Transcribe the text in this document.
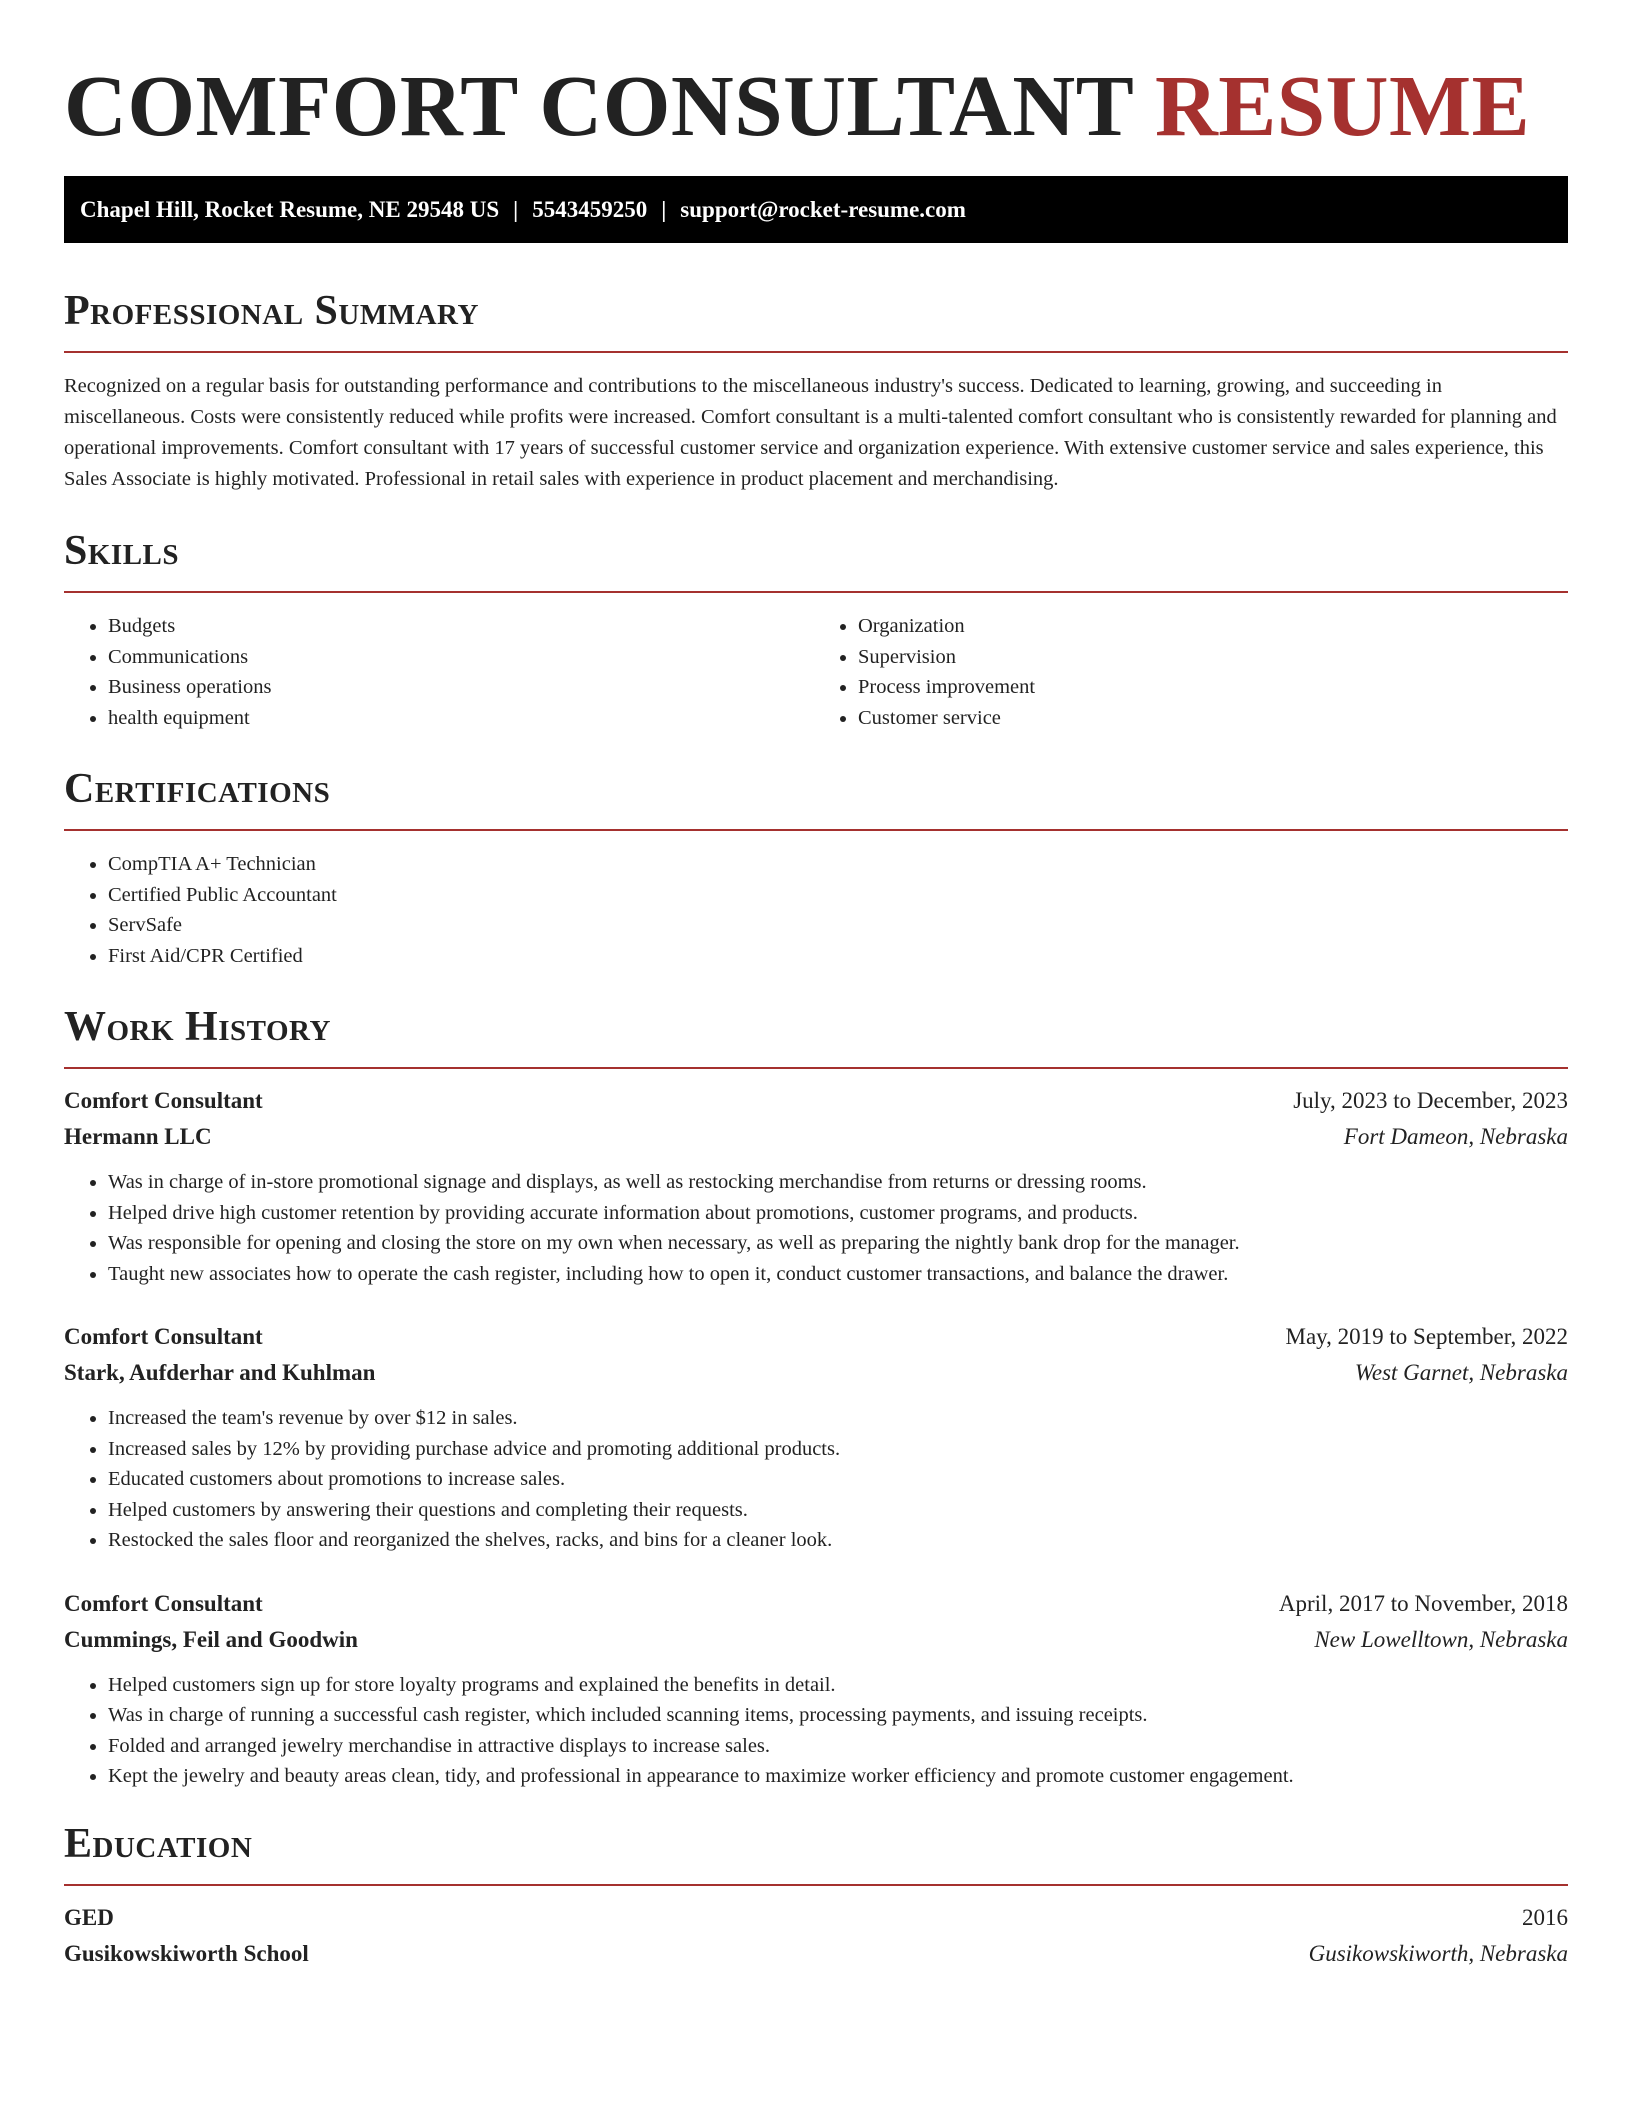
COMFORT CONSULTANT RESUME
Chapel Hill, Rocket Resume, NE 29548 US | 5543459250 | support@rocket-resume.com
Professional Summary

Recognized on a regular basis for outstanding performance and contributions to the miscellaneous industry's success. Dedicated to learning, growing, and succeeding in miscellaneous. Costs were consistently reduced while profits were increased. Comfort consultant is a multi-talented comfort consultant who is consistently rewarded for planning and operational improvements. Comfort consultant with 17 years of successful customer service and organization experience. With extensive customer service and sales experience, this Sales Associate is highly motivated. Professional in retail sales with experience in product placement and merchandising.

Skills
• Budgets
• Communications
• Business operations
• health equipment
• Organization
• Supervision
• Process improvement
• Customer service
Certifications
• CompTIA A+ Technician
• Certified Public Accountant
• ServSafe
• First Aid/CPR Certified
Work History
Comfort Consultant	July, 2023 to December, 2023
Hermann LLC	Fort Dameon, Nebraska
• Was in charge of in-store promotional signage and displays, as well as restocking merchandise from returns or dressing rooms.
• Helped drive high customer retention by providing accurate information about promotions, customer programs, and products.
• Was responsible for opening and closing the store on my own when necessary, as well as preparing the nightly bank drop for the manager.
• Taught new associates how to operate the cash register, including how to open it, conduct customer transactions, and balance the drawer.
Comfort Consultant	May, 2019 to September, 2022
Stark, Aufderhar and Kuhlman	West Garnet, Nebraska
• Increased the team's revenue by over $12 in sales.
• Increased sales by 12% by providing purchase advice and promoting additional products.
• Educated customers about promotions to increase sales.
• Helped customers by answering their questions and completing their requests.
• Restocked the sales floor and reorganized the shelves, racks, and bins for a cleaner look.
Comfort Consultant	April, 2017 to November, 2018
Cummings, Feil and Goodwin	New Lowelltown, Nebraska
• Helped customers sign up for store loyalty programs and explained the benefits in detail.
• Was in charge of running a successful cash register, which included scanning items, processing payments, and issuing receipts.
• Folded and arranged jewelry merchandise in attractive displays to increase sales.
• Kept the jewelry and beauty areas clean, tidy, and professional in appearance to maximize worker efficiency and promote customer engagement.
Education
GED	2016
Gusikowskiworth School	Gusikowskiworth, Nebraska
